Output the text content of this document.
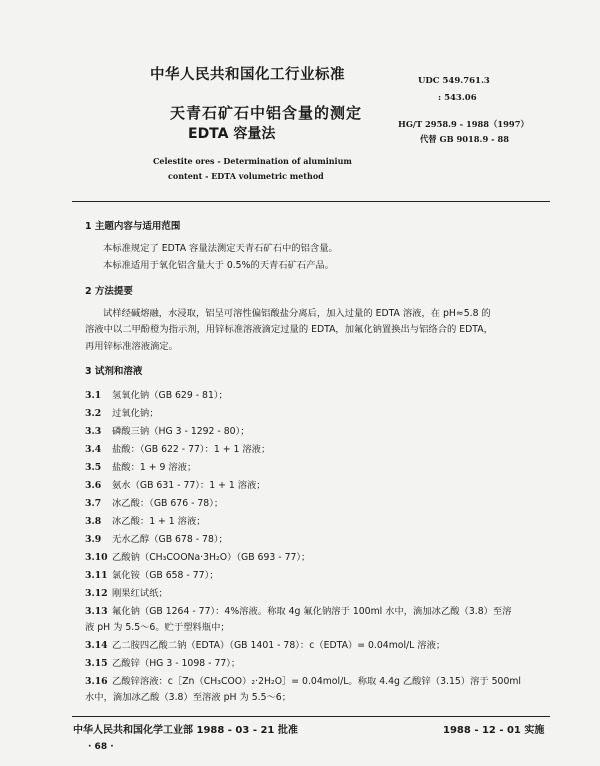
中华人民共和国化工行业标准	UDC 549.761.3
: 543.06
天青石矿石中铝含量的测定
EDTA 容量法
HG/T 2958.9 - 1988（1997）
代替 GB 9018.9 - 88
Celestite ores - Determination of aluminium
content - EDTA volumetric method
1 主题内容与适用范围
本标准规定了 EDTA 容量法测定天青石矿石中的铝含量。
本标准适用于氧化铝含量大于 0.5%的天青石矿石产品。
2 方法提要
试样经碱熔融，水浸取，铝呈可溶性偏铝酸盐分离后，加入过量的 EDTA 溶液，在 pH≈5.8 的
溶液中以二甲酚橙为指示剂，用锌标准溶液滴定过量的 EDTA，加氟化钠置换出与铝络合的 EDTA，
再用锌标准溶液滴定。
3 试剂和溶液
3.1 氢氧化钠（GB 629 - 81）；
3.2 过氧化钠；
3.3 磷酸三钠（HG 3 - 1292 - 80）；
3.4 盐酸：（GB 622 - 77）：1 + 1 溶液；
3.5 盐酸：1 + 9 溶液；
3.6 氨水（GB 631 - 77）：1 + 1 溶液；
3.7 冰乙酸：（GB 676 - 78）；
3.8 冰乙酸：1 + 1 溶液；
3.9 无水乙醇（GB 678 - 78）；
3.10 乙酸钠（CH₃COONa·3H₂O）（GB 693 - 77）；
3.11 氯化铵（GB 658 - 77）；
3.12 刚果红试纸；
3.13 氟化钠（GB 1264 - 77）：4%溶液。称取 4g 氟化钠溶于 100ml 水中，滴加冰乙酸（3.8）至溶
液 pH 为 5.5～6。贮于塑料瓶中；
3.14 乙二胺四乙酸二钠（EDTA）（GB 1401 - 78）：c（EDTA）= 0.04mol/L 溶液；
3.15 乙酸锌（HG 3 - 1098 - 77）；
3.16 乙酸锌溶液：c［Zn（CH₃COO）₂·2H₂O］= 0.04mol/L。称取 4.4g 乙酸锌（3.15）溶于 500ml
水中，滴加冰乙酸（3.8）至溶液 pH 为 5.5～6；
中华人民共和国化学工业部 1988 - 03 - 21 批准	1988 - 12 - 01 实施
· 68 ·
